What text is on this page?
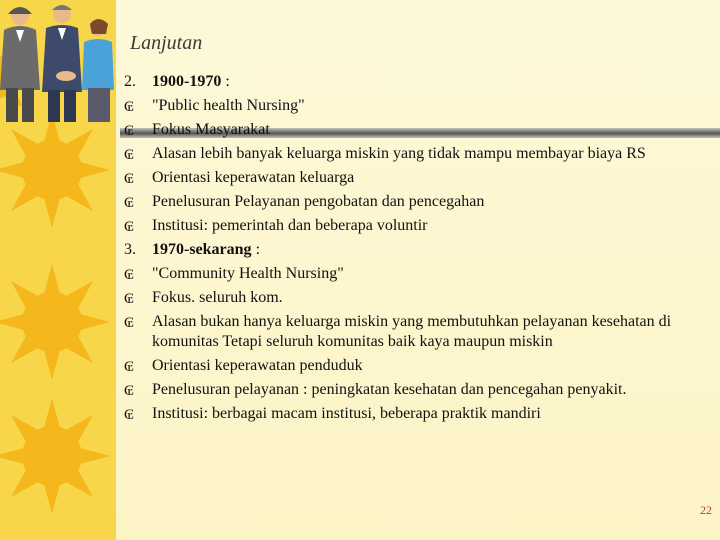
Lanjutan
2.	1900-1970 :
₢	"Public health Nursing"
₢	Fokus Masyarakat
₢	Alasan lebih banyak keluarga miskin yang tidak mampu membayar biaya RS
₢	Orientasi keperawatan keluarga
₢	Penelusuran Pelayanan pengobatan dan pencegahan
₢	Institusi: pemerintah dan beberapa voluntir
3.	1970-sekarang :
₢	"Community Health Nursing"
₢	Fokus. seluruh kom.
₢	Alasan bukan hanya keluarga miskin yang membutuhkan pelayanan kesehatan di komunitas Tetapi seluruh komunitas baik kaya maupun miskin
₢	Orientasi keperawatan penduduk
₢	Penelusuran pelayanan : peningkatan kesehatan dan pencegahan penyakit.
₢	Institusi: berbagai macam institusi, beberapa praktik mandiri
22
